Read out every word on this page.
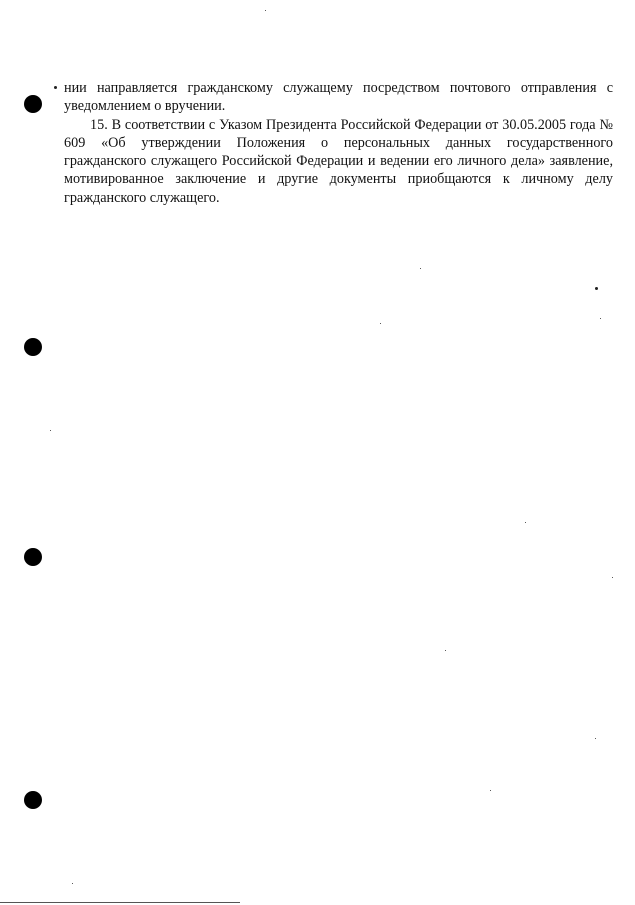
нии направляется гражданскому служащему посредством почтового отправления с уведомлением о вручении.

15. В соответствии с Указом Президента Российской Федерации от 30.05.2005 года № 609 «Об утверждении Положения о персональных данных государственного гражданского служащего Российской Федерации и ведении его личного дела» заявление, мотивированное заключение и другие документы приобщаются к личному делу гражданского служащего.
